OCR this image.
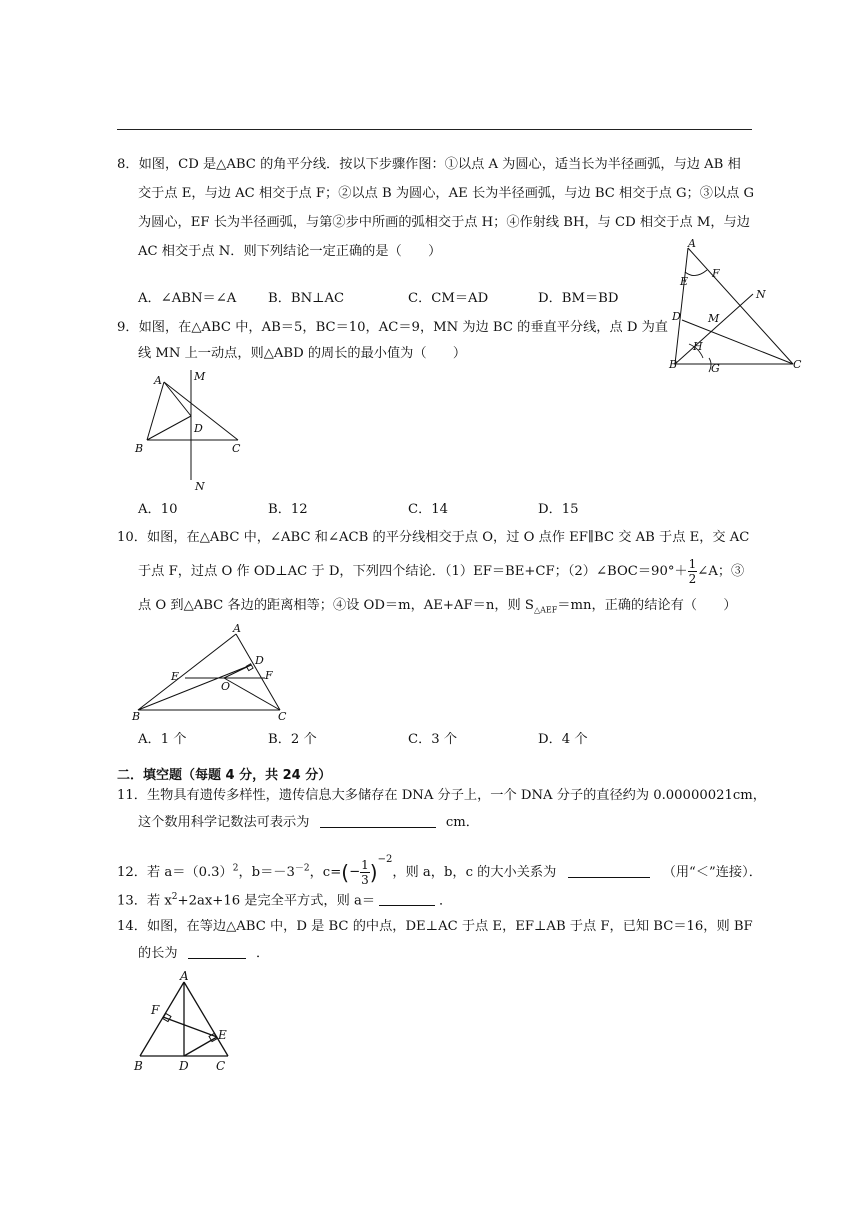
8．如图，CD 是△ABC 的角平分线．按以下步骤作图：①以点 A 为圆心，适当长为半径画弧，与边 AB 相
交于点 E，与边 AC 相交于点 F；②以点 B 为圆心，AE 长为半径画弧，与边 BC 相交于点 G；③以点 G
为圆心，EF 长为半径画弧，与第②步中所画的弧相交于点 H；④作射线 BH，与 CD 相交于点 M，与边
AC 相交于点 N．则下列结论一定正确的是（　　）
A．∠ABN＝∠A B．BN⊥AC	C．CM＝AD	D．BM＝BD
A
E
F
N
D M
H
B	G	C
9．如图，在△ABC 中，AB＝5，BC＝10，AC＝9，MN 为边 BC 的垂直平分线，点 D 为直
线 MN 上一动点，则△ABD 的周长的最小值为（　　）
A	M
D
B	C
N
A．10	B．12	C．14	D．15
10．如图，在△ABC 中，∠ABC 和∠ACB 的平分线相交于点 O，过 O 点作 EF∥BC 交 AB 于点 E，交 AC
于点 F，过点 O 作 OD⊥AC 于 D，下列四个结论．（1）EF＝BE+CF；（2）∠BOC＝90°＋ $\frac{1}{2}$ ∠A；③
点 O 到△ABC 各边的距离相等；④设 OD＝m，AE+AF＝n，则 $S_{\triangle AEF}=mn$，正确的结论有（　　）
A
D
E	F
O
B	C
A．1 个	B．2 个	C．3 个	D．4 个
二．填空题（每题 4 分，共 24 分）
11．生物具有遗传多样性，遗传信息大多储存在 DNA 分子上，一个 DNA 分子的直径约为 0.00000021cm，
这个数用科学记数法可表示为	cm．
12．若 $a=(0.3)^2$，$b=-3^{-2}$，$c=(- \frac{1}{3} )^{-2}$，则 a，b，c 的大小关系为	（用“＜”连接）．
13．若 $x^2+2ax+16$ 是完全平方式，则 a＝	．
14．如图，在等边△ABC 中，D 是 BC 的中点，DE⊥AC 于点 E，EF⊥AB 于点 F，已知 BC＝16，则 BF
的长为	．
A
F
E
B	D C
